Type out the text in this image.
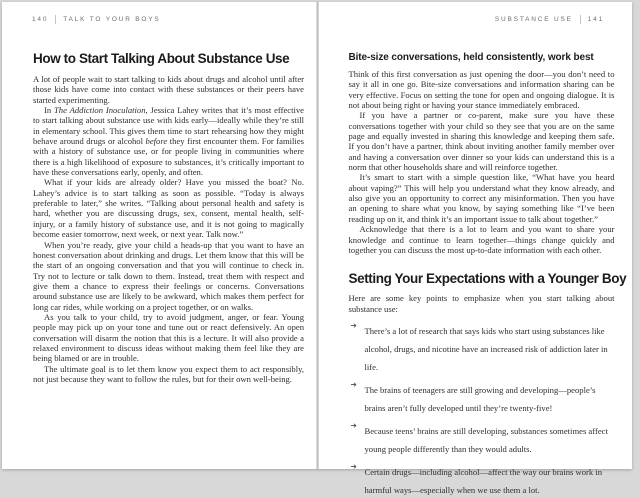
140 TALK TO YOUR BOYS
How to Start Talking About Substance Use

A lot of people wait to start talking to kids about drugs and alcohol until after those kids have come into contact with these substances or their peers have started experimenting.

In The Addiction Inoculation, Jessica Lahey writes that it’s most effective to start talking about substance use with kids early—ideally while they’re still in elementary school. This gives them time to start rehearsing how they might behave around drugs or alcohol before they first encounter them. For families with a history of substance use, or for people living in communities where there is a high likelihood of exposure to substances, it’s critically important to have these conversations early, openly, and often.

What if your kids are already older? Have you missed the boat? No. Lahey’s advice is to start talking as soon as possible. “Today is always preferable to later,” she writes. “Talking about personal health and safety is hard, whether you are discussing drugs, sex, consent, mental health, self-injury, or a family history of substance use, and it is not going to magically become easier tomorrow, next week, or next year. Talk now.”

When you’re ready, give your child a heads-up that you want to have an honest conversation about drinking and drugs. Let them know that this will be the start of an ongoing conversation and that you will continue to check in. Try not to lecture or talk down to them. Instead, treat them with respect and give them a chance to express their feelings or concerns. Conversations around substance use are likely to be awkward, which makes them perfect for long car rides, while working on a project together, or on walks.

As you talk to your child, try to avoid judgment, anger, or fear. Young people may pick up on your tone and tune out or react defensively. An open conversation will disarm the notion that this is a lecture. It will also provide a relaxed environment to discuss ideas without making them feel like they are being blamed or are in trouble.

The ultimate goal is to let them know you expect them to act responsibly, not just because they want to follow the rules, but for their own well-being.

SUBSTANCE USE 141
Bite-size conversations, held consistently, work best

Think of this first conversation as just opening the door—you don’t need to say it all in one go. Bite-size conversations and information sharing can be very effective. Focus on setting the tone for open and ongoing dialogue. It is not about being right or having your stance immediately embraced.

If you have a partner or co-parent, make sure you have these conversations together with your child so they see that you are on the same page and equally invested in sharing this knowledge and keeping them safe. If you don’t have a partner, think about inviting another family member over and having a conversation over dinner so your kids can understand this is a norm that other households share and will reinforce together.

It’s smart to start with a simple question like, “What have you heard about vaping?” This will help you understand what they know already, and also give you an opportunity to correct any misinformation. Then you have an opening to share what you know, by saying something like “I’ve been reading up on it, and think it’s an important issue to talk about together.”

Acknowledge that there is a lot to learn and you want to share your knowledge and continue to learn together—things change quickly and together you can discuss the most up-to-date information with each other.

Setting Your Expectations with a Younger Boy

Here are some key points to emphasize when you start talking about substance use:

➔
There’s a lot of research that says kids who start using substances like alcohol, drugs, and nicotine have an increased risk of addiction later in life.
➔
The brains of teenagers are still growing and developing—people’s brains aren’t fully developed until they’re twenty-five!
➔
Because teens’ brains are still developing, substances sometimes affect young people differently than they would adults.
➔
Certain drugs—including alcohol—affect the way our brains work in harmful ways—especially when we use them a lot.
